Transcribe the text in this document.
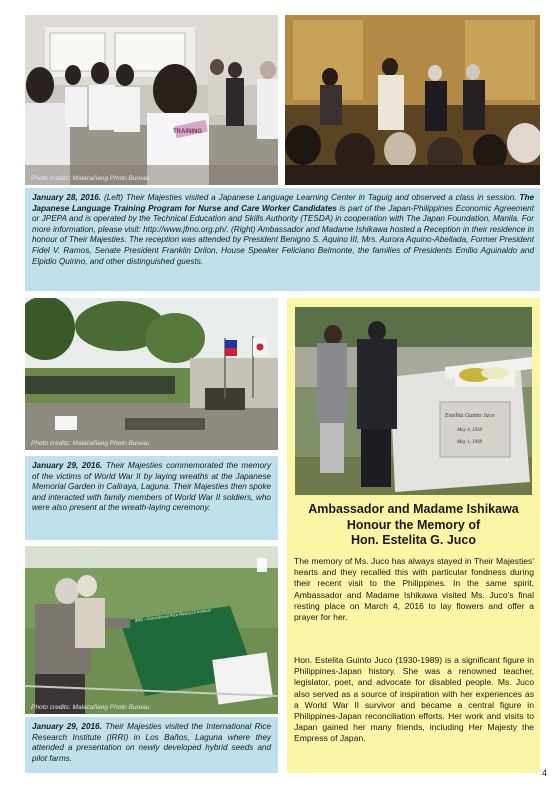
TRAINING
Photo credits: Malacañang Photo Bureau
January 28, 2016. (Left) Their Majesties visited a Japanese Language Learning Center in Taguig and observed a class in session. The Japanese Language Training Program for Nurse and Care Worker Candidates is part of the Japan-Philippines Economic Agreement or JPEPA and is operated by the Technical Education and Skills Authority (TESDA) in cooperation with The Japan Foundation, Manila. For more information, please visit: http://www.jfmo.org.ph/. (Right) Ambassador and Madame Ishikawa hosted a Reception in their residence in honour of Their Majesties. The reception was attended by President Benigno S. Aquino III, Mrs. Aurora Aquino-Abellada, Former President Fidel V. Ramos, Senate President Franklin Drilon, House Speaker Feliciano Belmonte, the families of Presidents Emilio Aguinaldo and Elpidio Quirino, and other distinguished guests.
Photo credits: Malacañang Photo Bureau
January 29, 2016. Their Majesties commemorated the memory of the victims of World War II by laying wreaths at the Japanese Memorial Garden in Caliraya, Laguna. Their Majesties then spoke and interacted with family members of World War II soldiers, who were also present at the wreath-laying ceremony.
IRRI – International Rice Research Institute
Photo credits: Malacañang Photo Bureau
January 29, 2016. Their Majesties visited the International Rice Research Institute (IRRI) in Los Baños, Laguna where they attended a presentation on newly developed hybrid seeds and pilot farms.
Estelita Guinto Juco
May 4, 1930
May 1, 1989
Ambassador and Madame Ishikawa
Honour the Memory of
Hon. Estelita G. Juco
The memory of Ms. Juco has always stayed in Their Majesties' hearts and they recalled this with particular fondness during their recent visit to the Philippines. In the same spirit, Ambassador and Madame Ishikawa visited Ms. Juco's final resting place on March 4, 2016 to lay flowers and offer a prayer for her.
Hon. Estelita Guinto Juco (1930-1989) is a significant figure in Philippines-Japan history. She was a renowned teacher, legislator, poet, and advocate for disabled people. Ms. Juco also served as a source of inspiration with her experiences as a World War II survivor and became a central figure in Philippines-Japan reconciliation efforts. Her work and visits to Japan gained her many friends, including Her Majesty the Empress of Japan.
4
